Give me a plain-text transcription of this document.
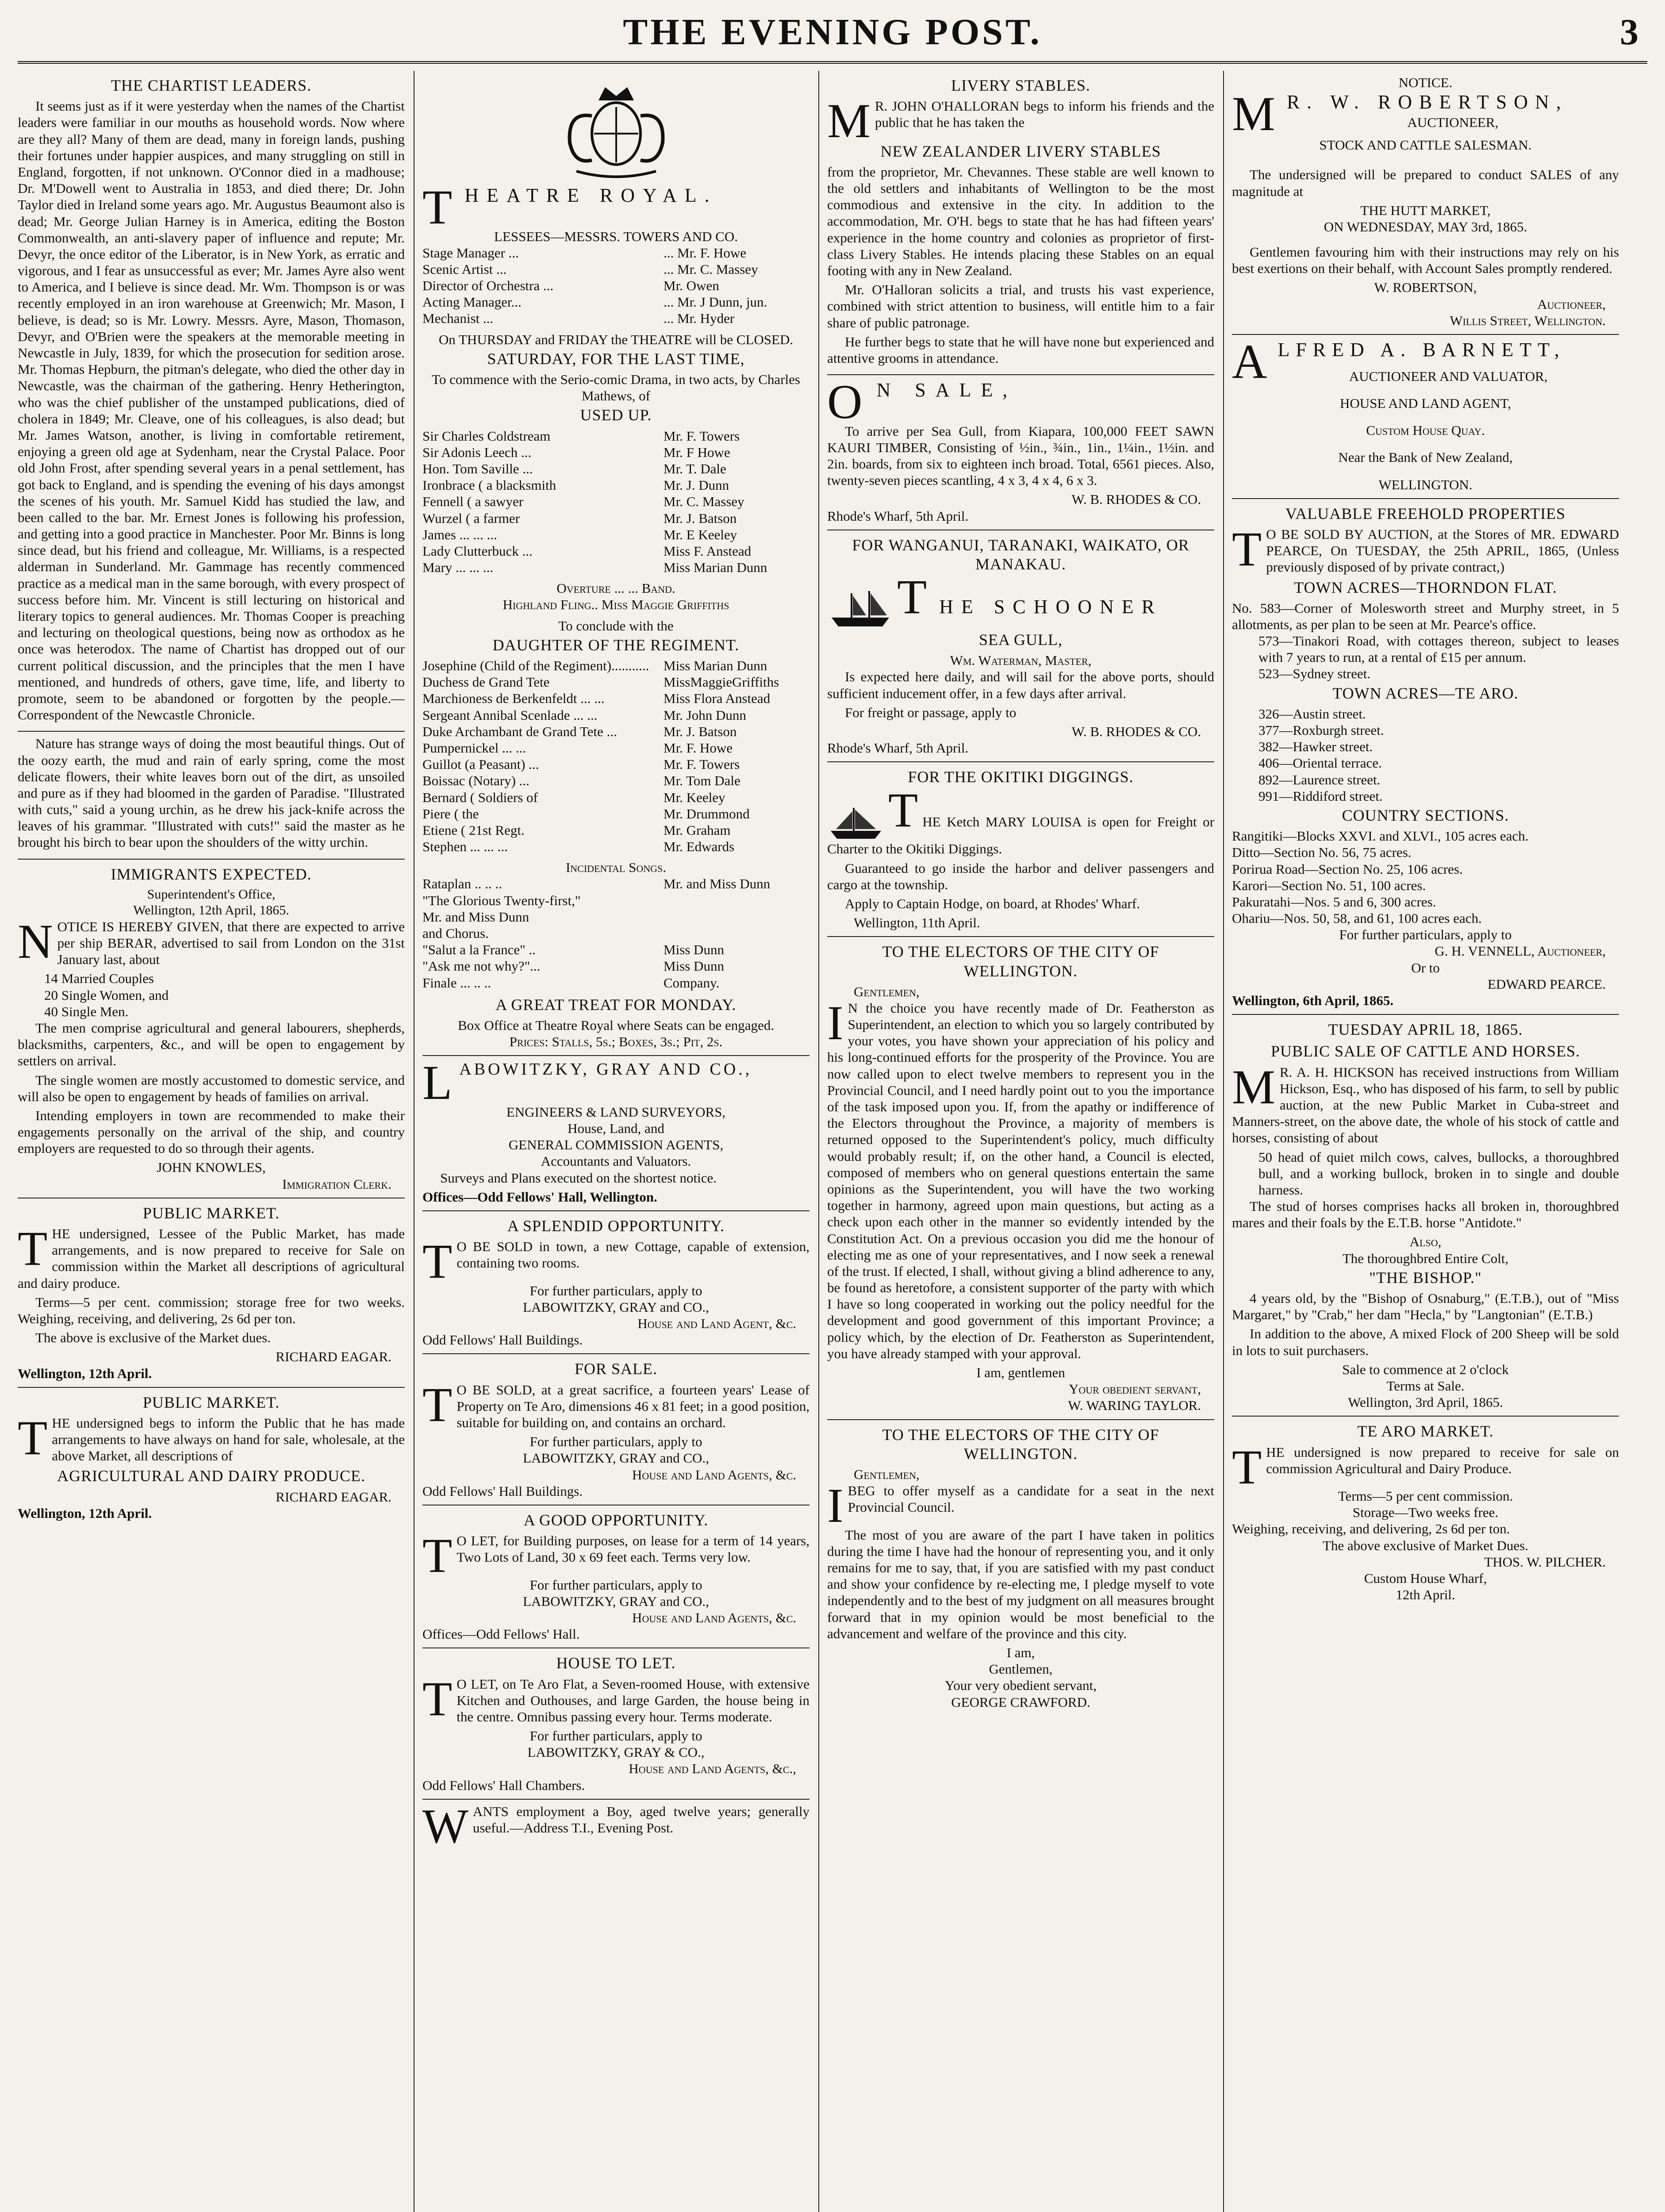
THE EVENING POST.	3
THE CHARTIST LEADERS.

It seems just as if it were yesterday when the names of the Chartist leaders were familiar in our mouths as household words. Now where are they all? Many of them are dead, many in foreign lands, pushing their fortunes under happier auspices, and many struggling on still in England, forgotten, if not unknown. O'Connor died in a madhouse; Dr. M'Dowell went to Australia in 1853, and died there; Dr. John Taylor died in Ireland some years ago. Mr. Augustus Beaumont also is dead; Mr. George Julian Harney is in America, editing the Boston Commonwealth, an anti-slavery paper of influence and repute; Mr. Devyr, the once editor of the Liberator, is in New York, as erratic and vigorous, and I fear as unsuccessful as ever; Mr. James Ayre also went to America, and I believe is since dead. Mr. Wm. Thompson is or was recently employed in an iron warehouse at Greenwich; Mr. Mason, I believe, is dead; so is Mr. Lowry. Messrs. Ayre, Mason, Thomason, Devyr, and O'Brien were the speakers at the memorable meeting in Newcastle in July, 1839, for which the prosecution for sedition arose. Mr. Thomas Hepburn, the pitman's delegate, who died the other day in Newcastle, was the chairman of the gathering. Henry Hetherington, who was the chief publisher of the unstamped publications, died of cholera in 1849; Mr. Cleave, one of his colleagues, is also dead; but Mr. James Watson, another, is living in comfortable retirement, enjoying a green old age at Sydenham, near the Crystal Palace. Poor old John Frost, after spending several years in a penal settlement, has got back to England, and is spending the evening of his days amongst the scenes of his youth. Mr. Samuel Kidd has studied the law, and been called to the bar. Mr. Ernest Jones is following his profession, and getting into a good practice in Manchester. Poor Mr. Binns is long since dead, but his friend and colleague, Mr. Williams, is a respected alderman in Sunderland. Mr. Gammage has recently commenced practice as a medical man in the same borough, with every prospect of success before him. Mr. Vincent is still lecturing on historical and literary topics to general audiences. Mr. Thomas Cooper is preaching and lecturing on theological questions, being now as orthodox as he once was heterodox. The name of Chartist has dropped out of our current political discussion, and the principles that the men I have mentioned, and hundreds of others, gave time, life, and liberty to promote, seem to be abandoned or forgotten by the people.—Correspondent of the Newcastle Chronicle.

Nature has strange ways of doing the most beautiful things. Out of the oozy earth, the mud and rain of early spring, come the most delicate flowers, their white leaves born out of the dirt, as unsoiled and pure as if they had bloomed in the garden of Paradise. "Illustrated with cuts," said a young urchin, as he drew his jack-knife across the leaves of his grammar. "Illustrated with cuts!" said the master as he brought his birch to bear upon the shoulders of the witty urchin.

IMMIGRANTS EXPECTED.
Superintendent's Office,
Wellington, 12th April, 1865.

NOTICE IS HEREBY GIVEN, that there are expected to arrive per ship BERAR, advertised to sail from London on the 31st January last, about

14 Married Couples
20 Single Women, and
40 Single Men.

The men comprise agricultural and general labourers, shepherds, blacksmiths, carpenters, &c., and will be open to engagement by settlers on arrival.

The single women are mostly accustomed to domestic service, and will also be open to engagement by heads of families on arrival.

Intending employers in town are recommended to make their engagements personally on the arrival of the ship, and country employers are requested to do so through their agents.

JOHN KNOWLES,
Immigration Clerk.
PUBLIC MARKET.

THE undersigned, Lessee of the Public Market, has made arrangements, and is now prepared to receive for Sale on commission within the Market all descriptions of agricultural and dairy produce.

Terms—5 per cent. commission; storage free for two weeks. Weighing, receiving, and delivering, 2s 6d per ton.

The above is exclusive of the Market dues.

RICHARD EAGAR.
Wellington, 12th April.
PUBLIC MARKET.

THE undersigned begs to inform the Public that he has made arrangements to have always on hand for sale, wholesale, at the above Market, all descriptions of

AGRICULTURAL AND DAIRY PRODUCE.
RICHARD EAGAR.
Wellington, 12th April.
THEATRE ROYAL.
LESSEES—MESSRS. TOWERS AND CO.
Stage Manager ...	... Mr. F. Howe
Scenic Artist ...	... Mr. C. Massey
Director of Orchestra ...	Mr. Owen
Acting Manager...	... Mr. J Dunn, jun.
Mechanist ...	... Mr. Hyder
On THURSDAY and FRIDAY the THEATRE will be CLOSED.
SATURDAY, FOR THE LAST TIME,
To commence with the Serio-comic Drama, in two acts, by Charles Mathews, of
USED UP.
Sir Charles Coldstream	Mr. F. Towers
Sir Adonis Leech ...	Mr. F Howe
Hon. Tom Saville ...	Mr. T. Dale
Ironbrace ( a blacksmith	Mr. J. Dunn
Fennell ( a sawyer	Mr. C. Massey
Wurzel ( a farmer	Mr. J. Batson
James ... ... ...	Mr. E Keeley
Lady Clutterbuck ...	Miss F. Anstead
Mary ... ... ...	Miss Marian Dunn
Overture ... ... Band.
Highland Fling.. Miss Maggie Griffiths
To conclude with the
DAUGHTER OF THE REGIMENT.
Josephine (Child of the Regiment)........... Miss Marian Dunn
Duchess de Grand Tete	MissMaggieGriffiths
Marchioness de Berkenfeldt ... ...	Miss Flora Anstead
Sergeant Annibal Scenlade ... ...	Mr. John Dunn
Duke Archambant de Grand Tete ...	Mr. J. Batson
Pumpernickel ... ...	Mr. F. Howe
Guillot (a Peasant) ...	Mr. F. Towers
Boissac (Notary) ...	Mr. Tom Dale
Bernard ( Soldiers of	Mr. Keeley
Piere ( the	Mr. Drummond
Etiene ( 21st Regt.	Mr. Graham
Stephen ... ... ...	Mr. Edwards
Incidental Songs.
Rataplan .. .. ..	Mr. and Miss Dunn
"The Glorious Twenty-first,"
Mr. and Miss Dunn
and Chorus.
"Salut a la France" ..	Miss Dunn
"Ask me not why?"...	Miss Dunn
Finale ... .. ..	Company.
A GREAT TREAT FOR MONDAY.
Box Office at Theatre Royal where Seats can be engaged.
Prices: Stalls, 5s.; Boxes, 3s.; Pit, 2s.
LABOWITZKY, GRAY AND CO.,
ENGINEERS & LAND SURVEYORS,
House, Land, and
GENERAL COMMISSION AGENTS,
Accountants and Valuators.

Surveys and Plans executed on the shortest notice.

Offices—Odd Fellows' Hall, Wellington.
A SPLENDID OPPORTUNITY.

T O BE SOLD in town, a new Cottage, capable of extension, containing two rooms.

For further particulars, apply to
LABOWITZKY, GRAY and CO.,
House and Land Agent, &c.
Odd Fellows' Hall Buildings.
FOR SALE.

T O BE SOLD, at a great sacrifice, a fourteen years' Lease of Property on Te Aro, dimensions 46 x 81 feet; in a good position, suitable for building on, and contains an orchard.

For further particulars, apply to
LABOWITZKY, GRAY and CO.,
House and Land Agents, &c.
Odd Fellows' Hall Buildings.
A GOOD OPPORTUNITY.

T O LET, for Building purposes, on lease for a term of 14 years, Two Lots of Land, 30 x 69 feet each. Terms very low.

For further particulars, apply to
LABOWITZKY, GRAY and CO.,
House and Land Agents, &c.
Offices—Odd Fellows' Hall.
HOUSE TO LET.

T O LET, on Te Aro Flat, a Seven-roomed House, with extensive Kitchen and Outhouses, and large Garden, the house being in the centre. Omnibus passing every hour. Terms moderate.

For further particulars, apply to
LABOWITZKY, GRAY & CO.,
House and Land Agents, &c.,
Odd Fellows' Hall Chambers.

WANTS employment a Boy, aged twelve years; generally useful.—Address T.I., Evening Post.

LIVERY STABLES.

M R. JOHN O'HALLORAN begs to inform his friends and the public that he has taken the

NEW ZEALANDER LIVERY STABLES

from the proprietor, Mr. Chevannes. These stable are well known to the old settlers and inhabitants of Wellington to be the most commodious and extensive in the city. In addition to the accommodation, Mr. O'H. begs to state that he has had fifteen years' experience in the home country and colonies as proprietor of first-class Livery Stables. He intends placing these Stables on an equal footing with any in New Zealand.

Mr. O'Halloran solicits a trial, and trusts his vast experience, combined with strict attention to business, will entitle him to a fair share of public patronage.

He further begs to state that he will have none but experienced and attentive grooms in attendance.

O N SALE,

To arrive per Sea Gull, from Kiapara, 100,000 FEET SAWN KAURI TIMBER, Consisting of ½in., ¾in., 1in., 1¼in., 1½in. and 2in. boards, from six to eighteen inch broad. Total, 6561 pieces. Also, twenty-seven pieces scantling, 4 x 3, 4 x 4, 6 x 3.

W. B. RHODES & CO.
Rhode's Wharf, 5th April.
FOR WANGANUI, TARANAKI, WAIKATO, OR MANAKAU.
THE SCHOONER
SEA GULL,
Wm. Waterman, Master,

Is expected here daily, and will sail for the above ports, should sufficient inducement offer, in a few days after arrival.

For freight or passage, apply to

W. B. RHODES & CO.
Rhode's Wharf, 5th April.
FOR THE OKITIKI DIGGINGS.

THE Ketch MARY LOUISA is open for Freight or Charter to the Okitiki Diggings.

Guaranteed to go inside the harbor and deliver passengers and cargo at the township.

Apply to Captain Hodge, on board, at Rhodes' Wharf.

Wellington, 11th April.
TO THE ELECTORS OF THE CITY OF WELLINGTON.
Gentlemen,

I N the choice you have recently made of Dr. Featherston as Superintendent, an election to which you so largely contributed by your votes, you have shown your appreciation of his policy and his long-continued efforts for the prosperity of the Province. You are now called upon to elect twelve members to represent you in the Provincial Council, and I need hardly point out to you the importance of the task imposed upon you. If, from the apathy or indifference of the Electors throughout the Province, a majority of members is returned opposed to the Superintendent's policy, much difficulty would probably result; if, on the other hand, a Council is elected, composed of members who on general questions entertain the same opinions as the Superintendent, you will have the two working together in harmony, agreed upon main questions, but acting as a check upon each other in the manner so evidently intended by the Constitution Act. On a previous occasion you did me the honour of electing me as one of your representatives, and I now seek a renewal of the trust. If elected, I shall, without giving a blind adherence to any, be found as heretofore, a consistent supporter of the party with which I have so long cooperated in working out the policy needful for the development and good government of this important Province; a policy which, by the election of Dr. Featherston as Superintendent, you have already stamped with your approval.

I am, gentlemen
Your obedient servant,
W. WARING TAYLOR.
TO THE ELECTORS OF THE CITY OF WELLINGTON.
Gentlemen,

IBEG to offer myself as a candidate for a seat in the next Provincial Council.

The most of you are aware of the part I have taken in politics during the time I have had the honour of representing you, and it only remains for me to say, that, if you are satisfied with my past conduct and show your confidence by re-electing me, I pledge myself to vote independently and to the best of my judgment on all measures brought forward that in my opinion would be most beneficial to the advancement and welfare of the province and this city.

I am,
Gentlemen,
Your very obedient servant,
GEORGE CRAWFORD.
NOTICE.
M R. W. ROBERTSON,
AUCTIONEER,
STOCK AND CATTLE SALESMAN.

The undersigned will be prepared to conduct SALES of any magnitude at

THE HUTT MARKET,
ON WEDNESDAY, MAY 3rd, 1865.

Gentlemen favouring him with their instructions may rely on his best exertions on their behalf, with Account Sales promptly rendered.

W. ROBERTSON,
Auctioneer,
Willis Street, Wellington.
ALFRED A. BARNETT,
AUCTIONEER AND VALUATOR,
HOUSE AND LAND AGENT,
Custom House Quay.
Near the Bank of New Zealand,
WELLINGTON.
VALUABLE FREEHOLD PROPERTIES

T O BE SOLD BY AUCTION, at the Stores of MR. EDWARD PEARCE, On TUESDAY, the 25th APRIL, 1865, (Unless previously disposed of by private contract,)

TOWN ACRES—THORNDON FLAT.
No. 583—Corner of Molesworth street and Murphy street, in 5 allotments, as per plan to be seen at Mr. Pearce's office.
573—Tinakori Road, with cottages thereon, subject to leases with 7 years to run, at a rental of £15 per annum.
523—Sydney street.
TOWN ACRES—TE ARO.
326—Austin street.
377—Roxburgh street.
382—Hawker street.
406—Oriental terrace.
892—Laurence street.
991—Riddiford street.
COUNTRY SECTIONS.
Rangitiki—Blocks XXVI. and XLVI., 105 acres each.
Ditto—Section No. 56, 75 acres.
Porirua Road—Section No. 25, 106 acres.
Karori—Section No. 51, 100 acres.
Pakuratahi—Nos. 5 and 6, 300 acres.
Ohariu—Nos. 50, 58, and 61, 100 acres each.
For further particulars, apply to
G. H. VENNELL, Auctioneer,
Or to
EDWARD PEARCE.
Wellington, 6th April, 1865.
TUESDAY APRIL 18, 1865.
PUBLIC SALE OF CATTLE AND HORSES.

M R. A. H. HICKSON has received instructions from William Hickson, Esq., who has disposed of his farm, to sell by public auction, at the new Public Market in Cuba-street and Manners-street, on the above date, the whole of his stock of cattle and horses, consisting of about

50 head of quiet milch cows, calves, bullocks, a thoroughbred bull, and a working bullock, broken in to single and double harness.

The stud of horses comprises hacks all broken in, thoroughbred mares and their foals by the E.T.B. horse "Antidote."

Also,
The thoroughbred Entire Colt,
"THE BISHOP."

4 years old, by the "Bishop of Osnaburg," (E.T.B.), out of "Miss Margaret," by "Crab," her dam "Hecla," by "Langtonian" (E.T.B.)

In addition to the above, A mixed Flock of 200 Sheep will be sold in lots to suit purchasers.

Sale to commence at 2 o'clock
Terms at Sale.
Wellington, 3rd April, 1865.
TE ARO MARKET.

THE undersigned is now prepared to receive for sale on commission Agricultural and Dairy Produce.

Terms—5 per cent commission.
Storage—Two weeks free.
Weighing, receiving, and delivering, 2s 6d per ton.
The above exclusive of Market Dues.
THOS. W. PILCHER.
Custom House Wharf,
12th April.
